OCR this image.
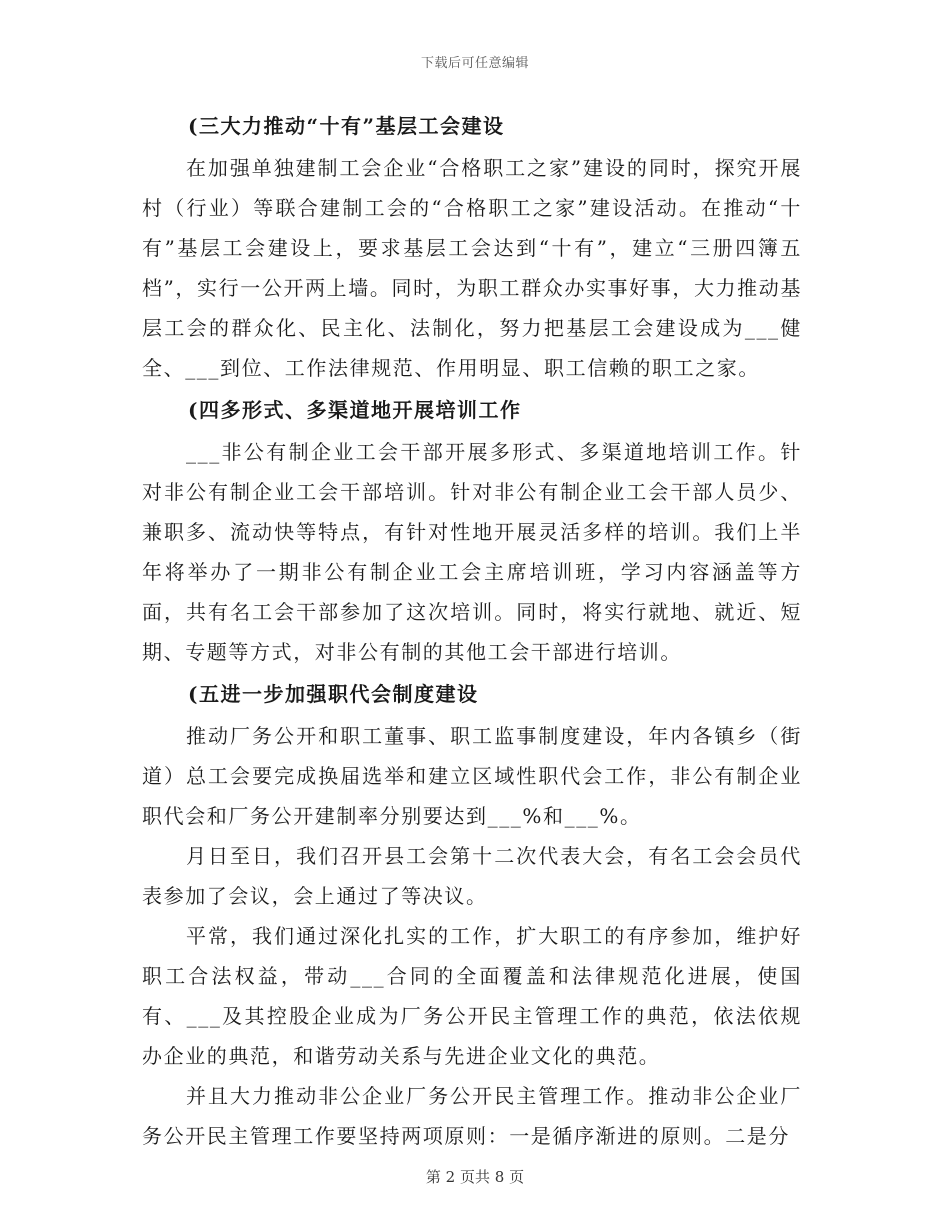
下载后可任意编辑
(三大力推动“十有”基层工会建设

在加强单独建制工会企业“合格职工之家”建设的同时，探究开展村（行业）等联合建制工会的“合格职工之家”建设活动。在推动“十有”基层工会建设上，要求基层工会达到“十有”，建立“三册四簿五档”，实行一公开两上墙。同时，为职工群众办实事好事，大力推动基层工会的群众化、民主化、法制化，努力把基层工会建设成为___健全、___到位、工作法律规范、作用明显、职工信赖的职工之家。

(四多形式、多渠道地开展培训工作

___非公有制企业工会干部开展多形式、多渠道地培训工作。针对非公有制企业工会干部培训。针对非公有制企业工会干部人员少、兼职多、流动快等特点，有针对性地开展灵活多样的培训。我们上半年将举办了一期非公有制企业工会主席培训班，学习内容涵盖等方面，共有名工会干部参加了这次培训。同时，将实行就地、就近、短期、专题等方式，对非公有制的其他工会干部进行培训。

(五进一步加强职代会制度建设

推动厂务公开和职工董事、职工监事制度建设，年内各镇乡（街道）总工会要完成换届选举和建立区域性职代会工作，非公有制企业职代会和厂务公开建制率分别要达到___%和___%。

月日至日，我们召开县工会第十二次代表大会，有名工会会员代表参加了会议，会上通过了等决议。

平常，我们通过深化扎实的工作，扩大职工的有序参加，维护好职工合法权益，带动___合同的全面覆盖和法律规范化进展，使国有、___及其控股企业成为厂务公开民主管理工作的典范，依法依规办企业的典范，和谐劳动关系与先进企业文化的典范。

并且大力推动非公企业厂务公开民主管理工作。推动非公企业厂务公开民主管理工作要坚持两项原则：一是循序渐进的原则。二是分

第 2 页共 8 页
